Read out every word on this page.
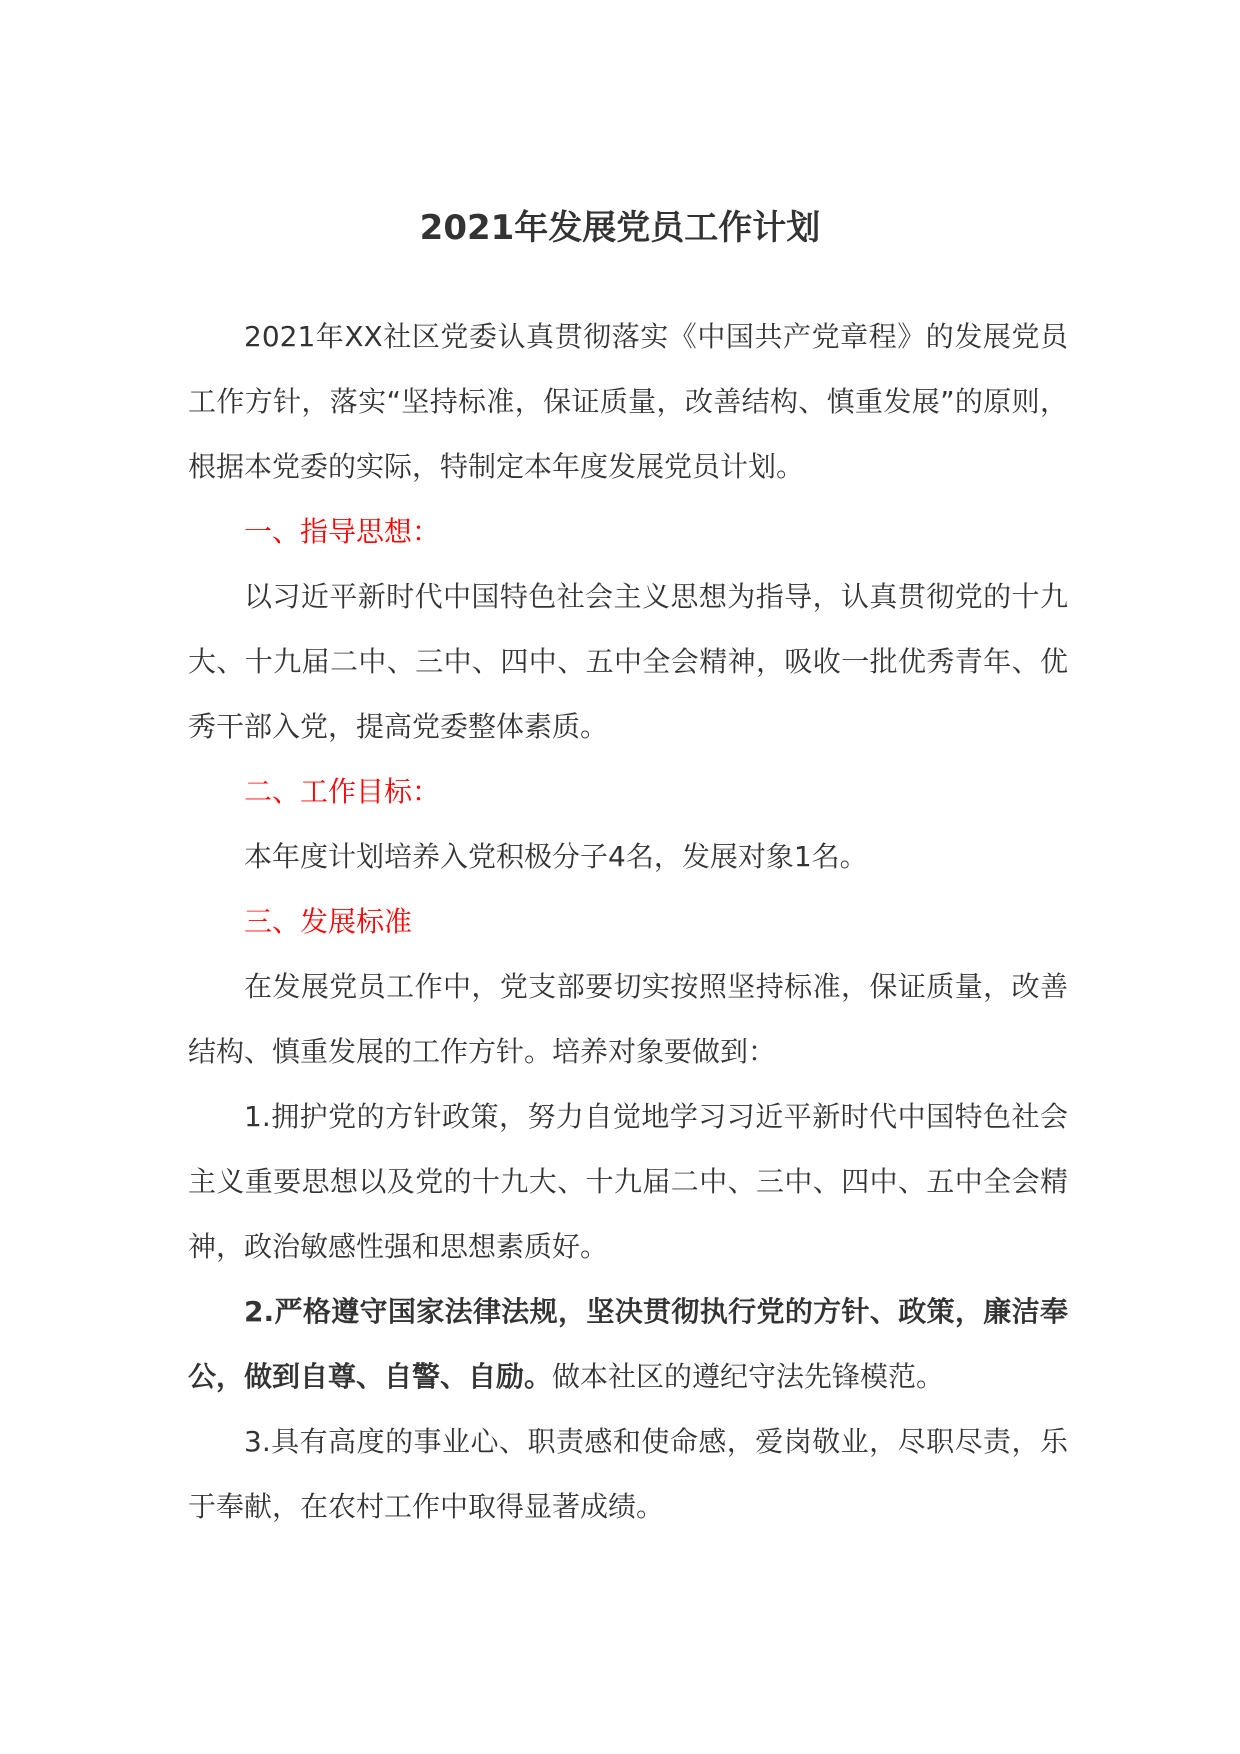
2021年发展党员工作计划

2021年XX社区党委认真贯彻落实《中国共产党章程》的发展党员工作方针，落实“坚持标准，保证质量，改善结构、慎重发展”的原则，根据本党委的实际，特制定本年度发展党员计划。

一、指导思想：

以习近平新时代中国特色社会主义思想为指导，认真贯彻党的十九大、十九届二中、三中、四中、五中全会精神，吸收一批优秀青年、优秀干部入党，提高党委整体素质。

二、工作目标：

本年度计划培养入党积极分子4名，发展对象1名。

三、发展标准

在发展党员工作中，党支部要切实按照坚持标准，保证质量，改善结构、慎重发展的工作方针。培养对象要做到：

1.拥护党的方针政策，努力自觉地学习习近平新时代中国特色社会主义重要思想以及党的十九大、十九届二中、三中、四中、五中全会精神，政治敏感性强和思想素质好。

2.严格遵守国家法律法规，坚决贯彻执行党的方针、政策，廉洁奉公，做到自尊、自警、自励。做本社区的遵纪守法先锋模范。

3.具有高度的事业心、职责感和使命感，爱岗敬业，尽职尽责，乐于奉献，在农村工作中取得显著成绩。
